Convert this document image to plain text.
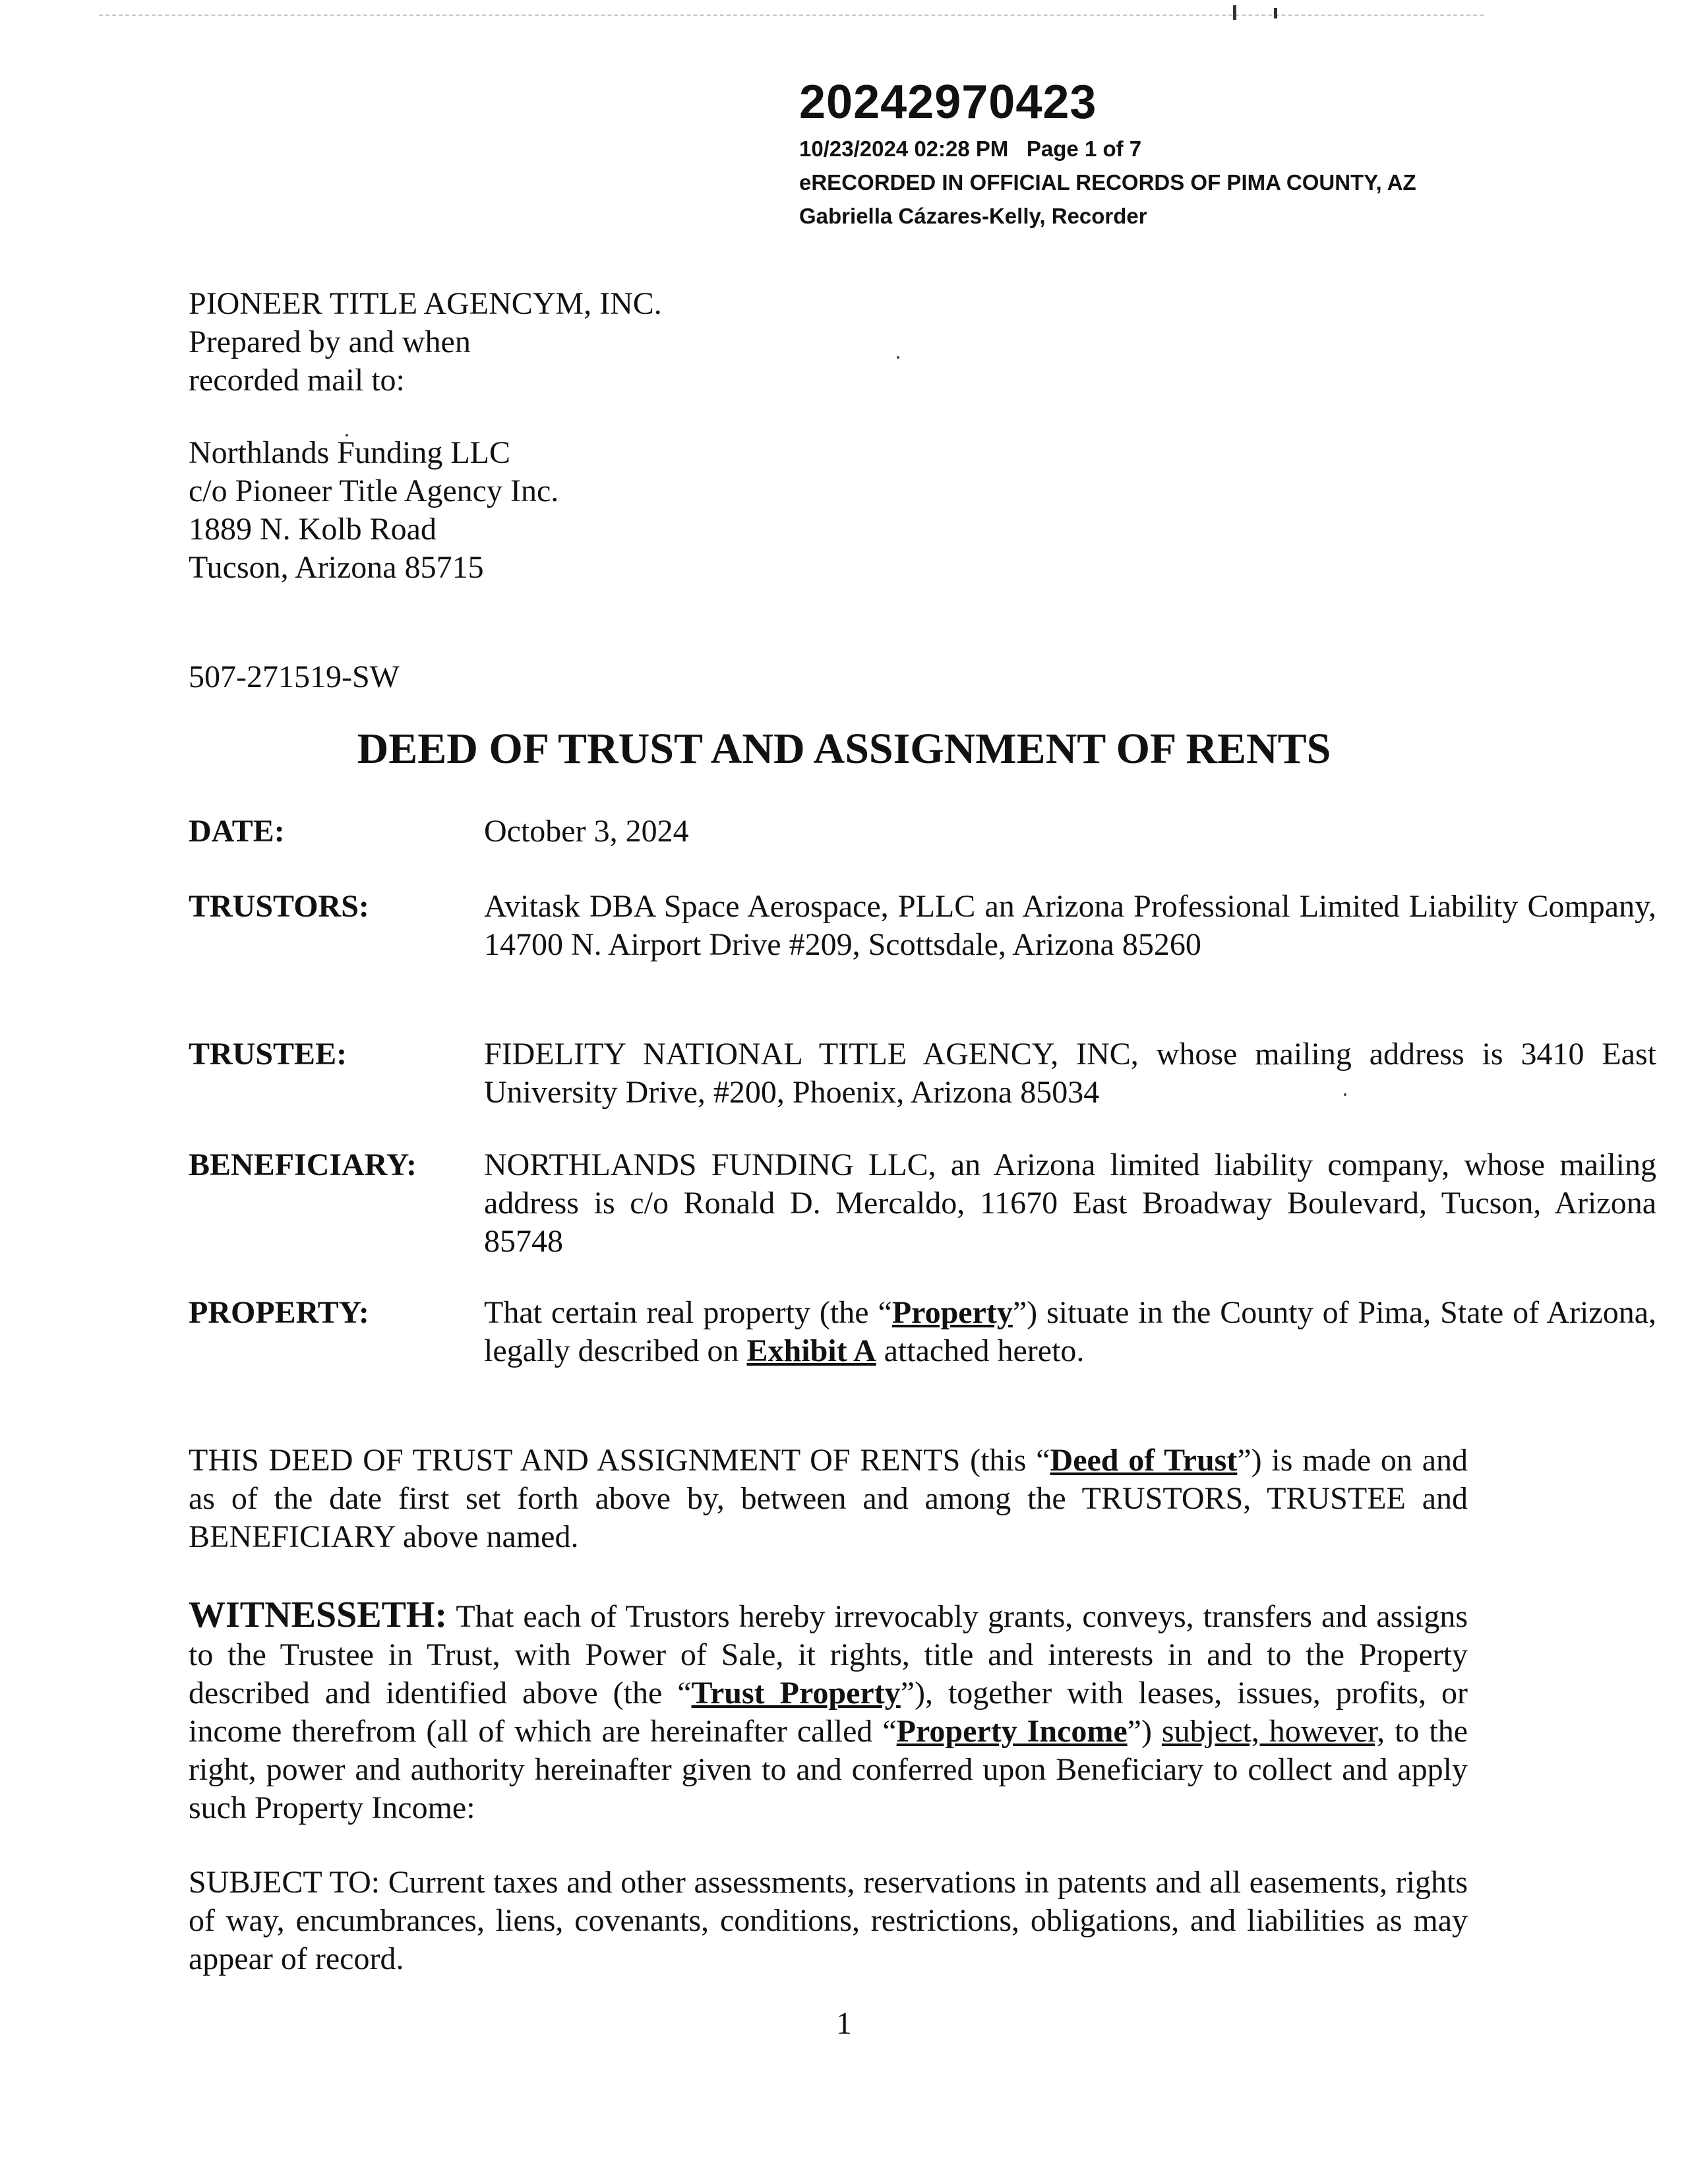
20242970423
10/23/2024 02:28 PM   Page 1 of 7
eRECORDED IN OFFICIAL RECORDS OF PIMA COUNTY, AZ
Gabriella Cázares-Kelly, Recorder

PIONEER TITLE AGENCYM, INC.

Prepared by and when

recorded mail to:

Northlands Funding LLC

c/o Pioneer Title Agency Inc.

1889 N. Kolb Road

Tucson, Arizona 85715

507-271519-SW
DEED OF TRUST AND ASSIGNMENT OF RENTS
DATE:	October 3, 2024
TRUSTORS:	Avitask DBA Space Aerospace, PLLC an Arizona Professional Limited Liability Company, 14700 N. Airport Drive #209, Scottsdale, Arizona 85260
TRUSTEE:	FIDELITY NATIONAL TITLE AGENCY, INC, whose mailing address is 3410 East University Drive, #200, Phoenix, Arizona 85034
BENEFICIARY: NORTHLANDS FUNDING LLC, an Arizona limited liability company, whose mailing address is c/o Ronald D. Mercaldo, 11670 East Broadway Boulevard, Tucson, Arizona 85748
PROPERTY:	That certain real property (the “Property”) situate in the County of Pima, State of Arizona, legally described on Exhibit A attached hereto.

THIS DEED OF TRUST AND ASSIGNMENT OF RENTS (this “Deed of Trust”) is made on and as of the date first set forth above by, between and among the TRUSTORS, TRUSTEE and BENEFICIARY above named.

WITNESSETH: That each of Trustors hereby irrevocably grants, conveys, transfers and assigns to the Trustee in Trust, with Power of Sale, it rights, title and interests in and to the Property described and identified above (the “Trust Property”), together with leases, issues, profits, or income therefrom (all of which are hereinafter called “Property Income”) subject, however, to the right, power and authority hereinafter given to and conferred upon Beneficiary to collect and apply such Property Income:

SUBJECT TO: Current taxes and other assessments, reservations in patents and all easements, rights of way, encumbrances, liens, covenants, conditions, restrictions, obligations, and liabilities as may appear of record.

1
